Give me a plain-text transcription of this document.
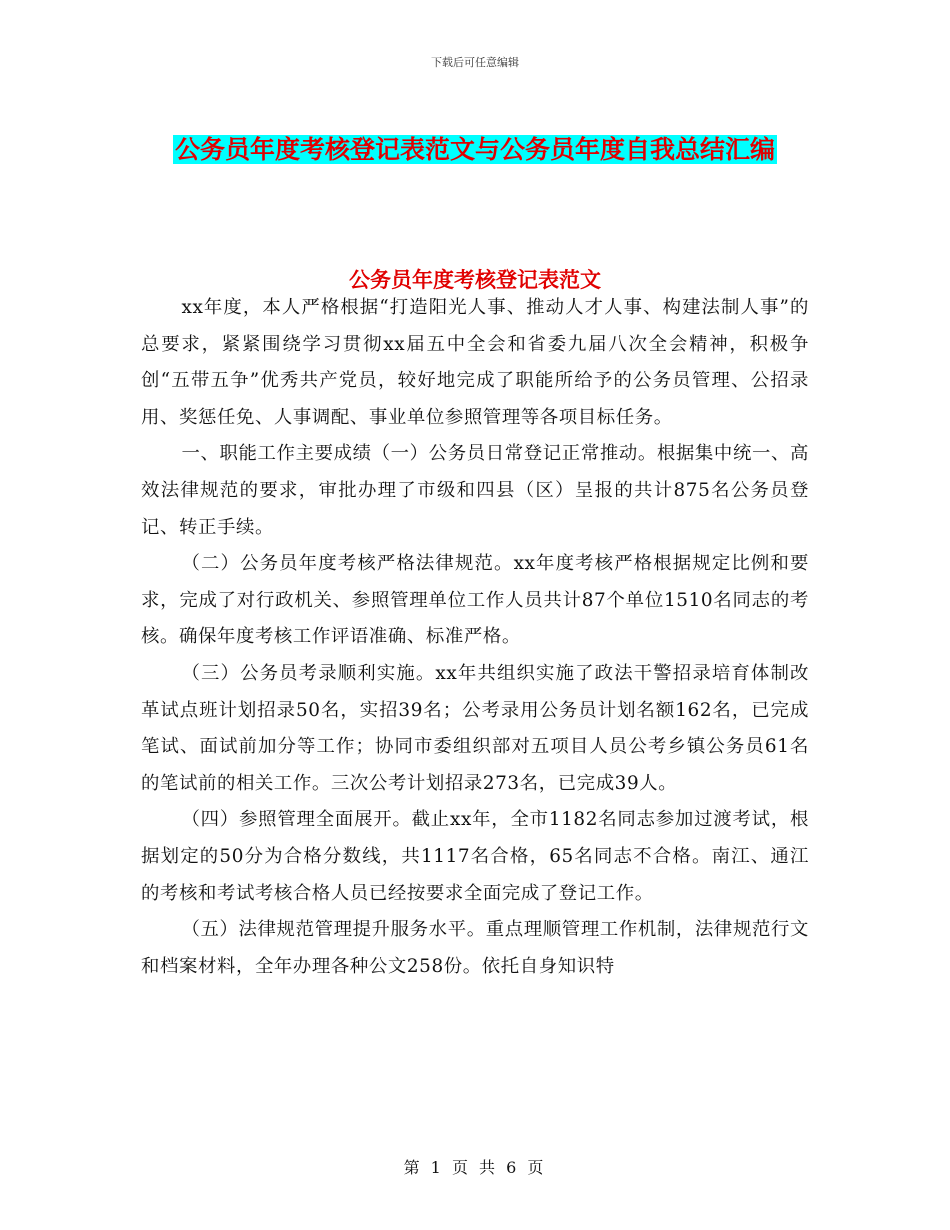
下载后可任意编辑
公务员年度考核登记表范文与公务员年度自我总结汇编
公务员年度考核登记表范文

xx年度，本人严格根据“打造阳光人事、推动人才人事、构建法制人事”的总要求，紧紧围绕学习贯彻xx届五中全会和省委九届八次全会精神，积极争创“五带五争”优秀共产党员，较好地完成了职能所给予的公务员管理、公招录用、奖惩任免、人事调配、事业单位参照管理等各项目标任务。

一、职能工作主要成绩（一）公务员日常登记正常推动。根据集中统一、高效法律规范的要求，审批办理了市级和四县（区）呈报的共计875名公务员登记、转正手续。

（二）公务员年度考核严格法律规范。xx年度考核严格根据规定比例和要求，完成了对行政机关、参照管理单位工作人员共计87个单位1510名同志的考核。确保年度考核工作评语准确、标准严格。

（三）公务员考录顺利实施。xx年共组织实施了政法干警招录培育体制改革试点班计划招录50名，实招39名；公考录用公务员计划名额162名，已完成笔试、面试前加分等工作；协同市委组织部对五项目人员公考乡镇公务员61名的笔试前的相关工作。三次公考计划招录273名，已完成39人。

（四）参照管理全面展开。截止xx年，全市1182名同志参加过渡考试，根据划定的50分为合格分数线，共1117名合格，65名同志不合格。南江、通江的考核和考试考核合格人员已经按要求全面完成了登记工作。

（五）法律规范管理提升服务水平。重点理顺管理工作机制，法律规范行文和档案材料，全年办理各种公文258份。依托自身知识特

第 1 页 共 6 页
